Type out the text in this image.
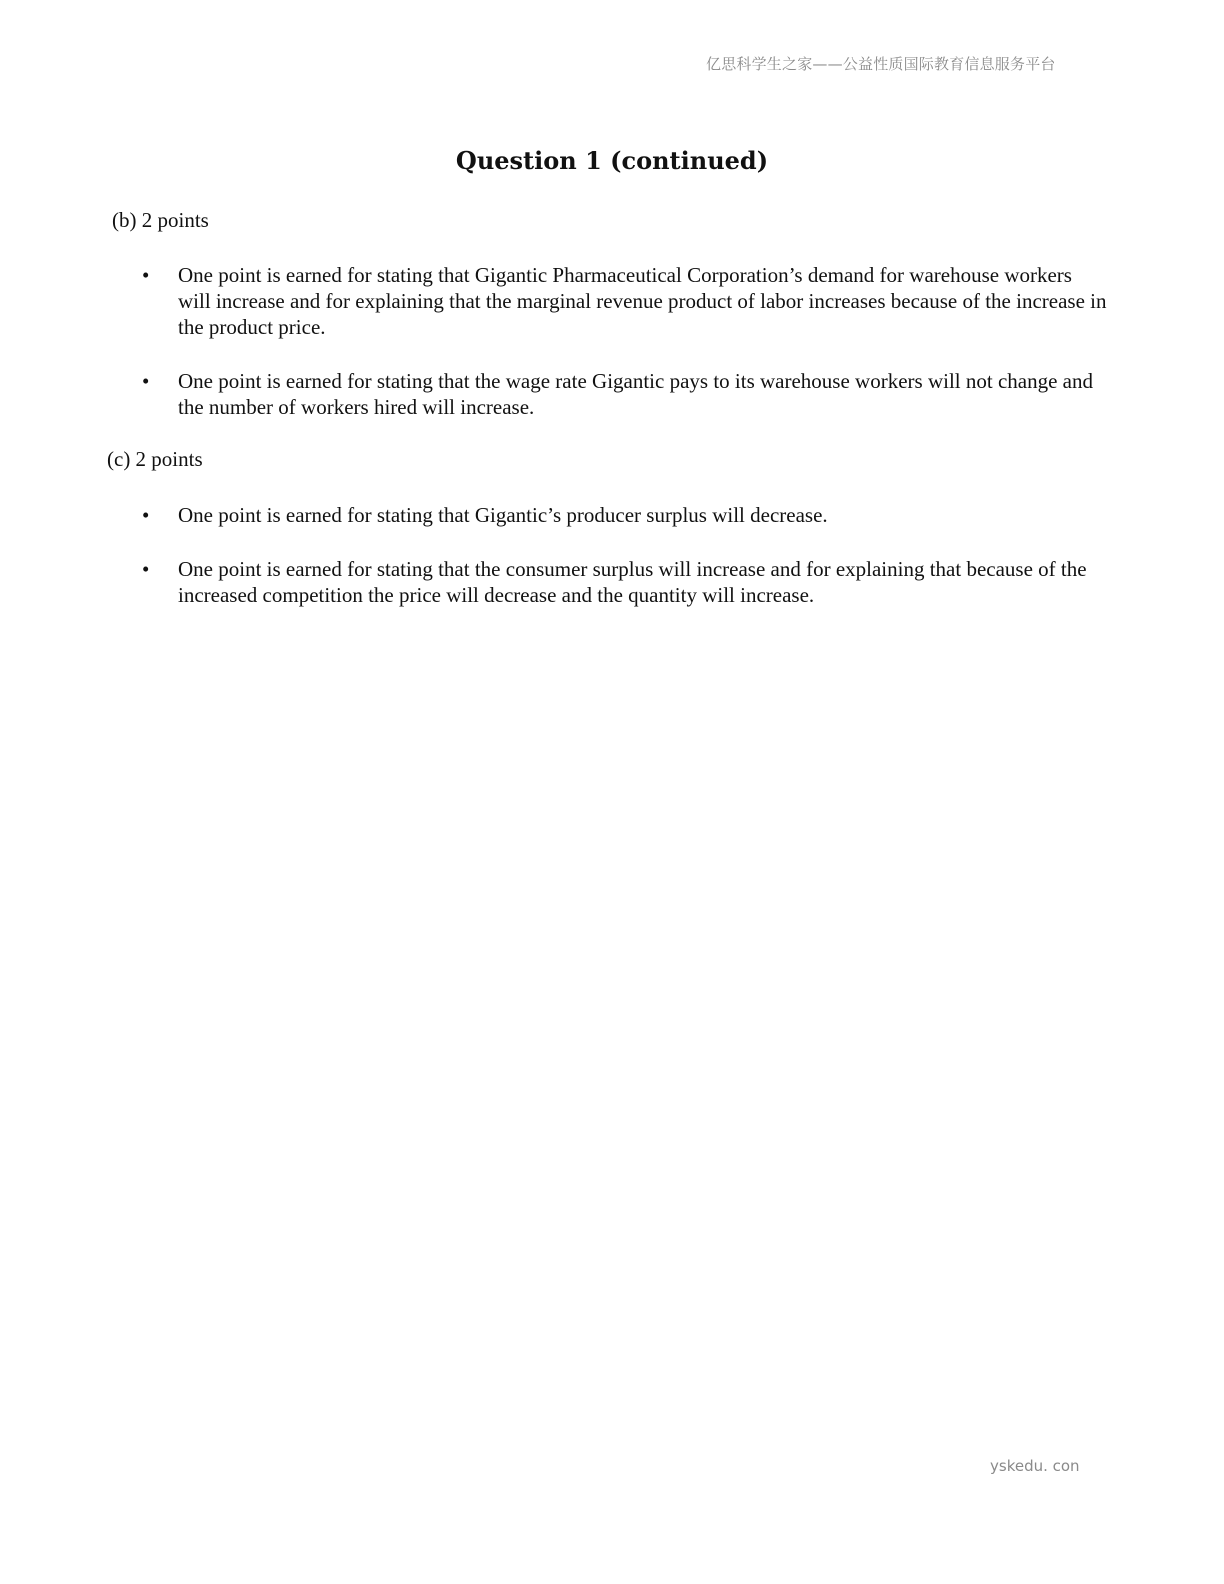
亿思科学生之家——公益性质国际教育信息服务平台
Question 1 (continued)

(b) 2 points

• One point is earned for stating that Gigantic Pharmaceutical Corporation’s demand for warehouse workers will increase and for explaining that the marginal revenue product of labor increases because of the increase in the product price.
• One point is earned for stating that the wage rate Gigantic pays to its warehouse workers will not change and the number of workers hired will increase.

(c) 2 points

• One point is earned for stating that Gigantic’s producer surplus will decrease.
• One point is earned for stating that the consumer surplus will increase and for explaining that because of the increased competition the price will decrease and the quantity will increase.
yskedu. con
